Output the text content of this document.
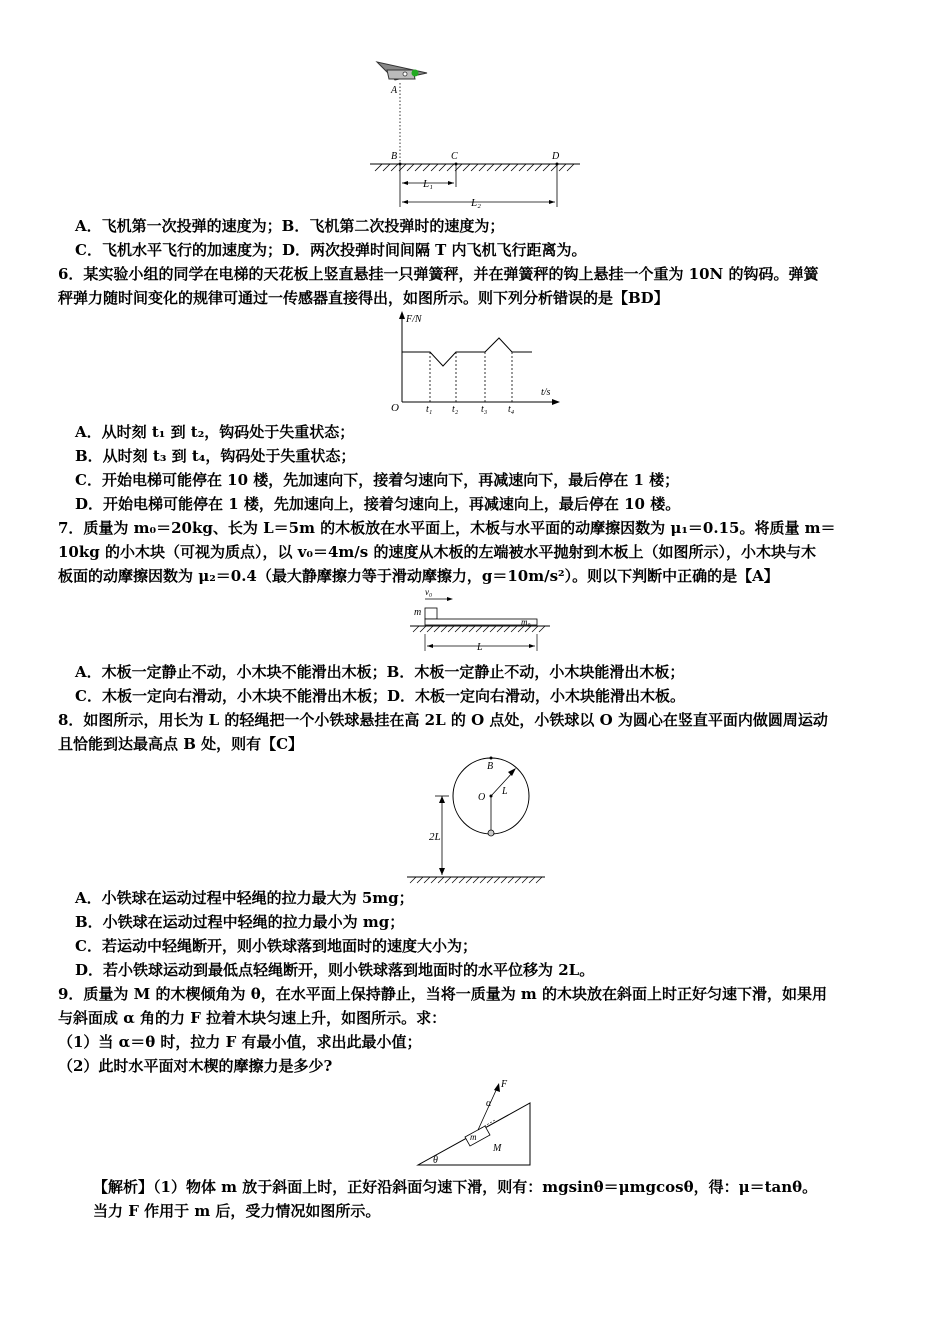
A
B	C	D
L₁
L₂
A．飞机第一次投弹的速度为；B．飞机第二次投弹时的速度为；
C．飞机水平飞行的加速度为；D．两次投弹时间间隔 T 内飞机飞行距离为。
6．某实验小组的同学在电梯的天花板上竖直悬挂一只弹簧秤，并在弹簧秤的钩上悬挂一个重为 10N 的钩码。弹簧
秤弹力随时间变化的规律可通过一传感器直接得出，如图所示。则下列分析错误的是【BD】
F/N
t/s
O	t₁ t₂ t₃ t₄
A．从时刻 t₁ 到 t₂，钩码处于失重状态；
B．从时刻 t₃ 到 t₄，钩码处于失重状态；
C．开始电梯可能停在 10 楼，先加速向下，接着匀速向下，再减速向下，最后停在 1 楼；
D．开始电梯可能停在 1 楼，先加速向上，接着匀速向上，再减速向上，最后停在 10 楼。
7．质量为 m₀＝20kg、长为 L＝5m 的木板放在水平面上，木板与水平面的动摩擦因数为 μ₁＝0.15。将质量 m＝
10kg 的小木块（可视为质点），以 v₀＝4m/s 的速度从木板的左端被水平抛射到木板上（如图所示），小木块与木
板面的动摩擦因数为 μ₂＝0.4（最大静摩擦力等于滑动摩擦力，g＝10m/s²）。则以下判断中正确的是【A】
v₀
m
m₀
L
A．木板一定静止不动，小木块不能滑出木板；B．木板一定静止不动，小木块能滑出木板；
C．木板一定向右滑动，小木块不能滑出木板；D．木板一定向右滑动，小木块能滑出木板。
8．如图所示，用长为 L 的轻绳把一个小铁球悬挂在高 2L 的 O 点处，小铁球以 O 为圆心在竖直平面内做圆周运动
且恰能到达最高点 B 处，则有【C】
B
O
L
2L
A．小铁球在运动过程中轻绳的拉力最大为 5mg；
B．小铁球在运动过程中轻绳的拉力最小为 mg；
C．若运动中轻绳断开，则小铁球落到地面时的速度大小为；
D．若小铁球运动到最低点轻绳断开，则小铁球落到地面时的水平位移为 2L。
9．质量为 M 的木楔倾角为 θ，在水平面上保持静止，当将一质量为 m 的木块放在斜面上时正好匀速下滑，如果用
与斜面成 α 角的力 F 拉着木块匀速上升，如图所示。求：
（1）当 α＝θ 时，拉力 F 有最小值，求出此最小值；
（2）此时水平面对木楔的摩擦力是多少?
θ
M
m
F
α
【解析】（1）物体 m 放于斜面上时，正好沿斜面匀速下滑，则有：mgsinθ＝μmgcosθ，得：μ＝tanθ。
当力 F 作用于 m 后，受力情况如图所示。
